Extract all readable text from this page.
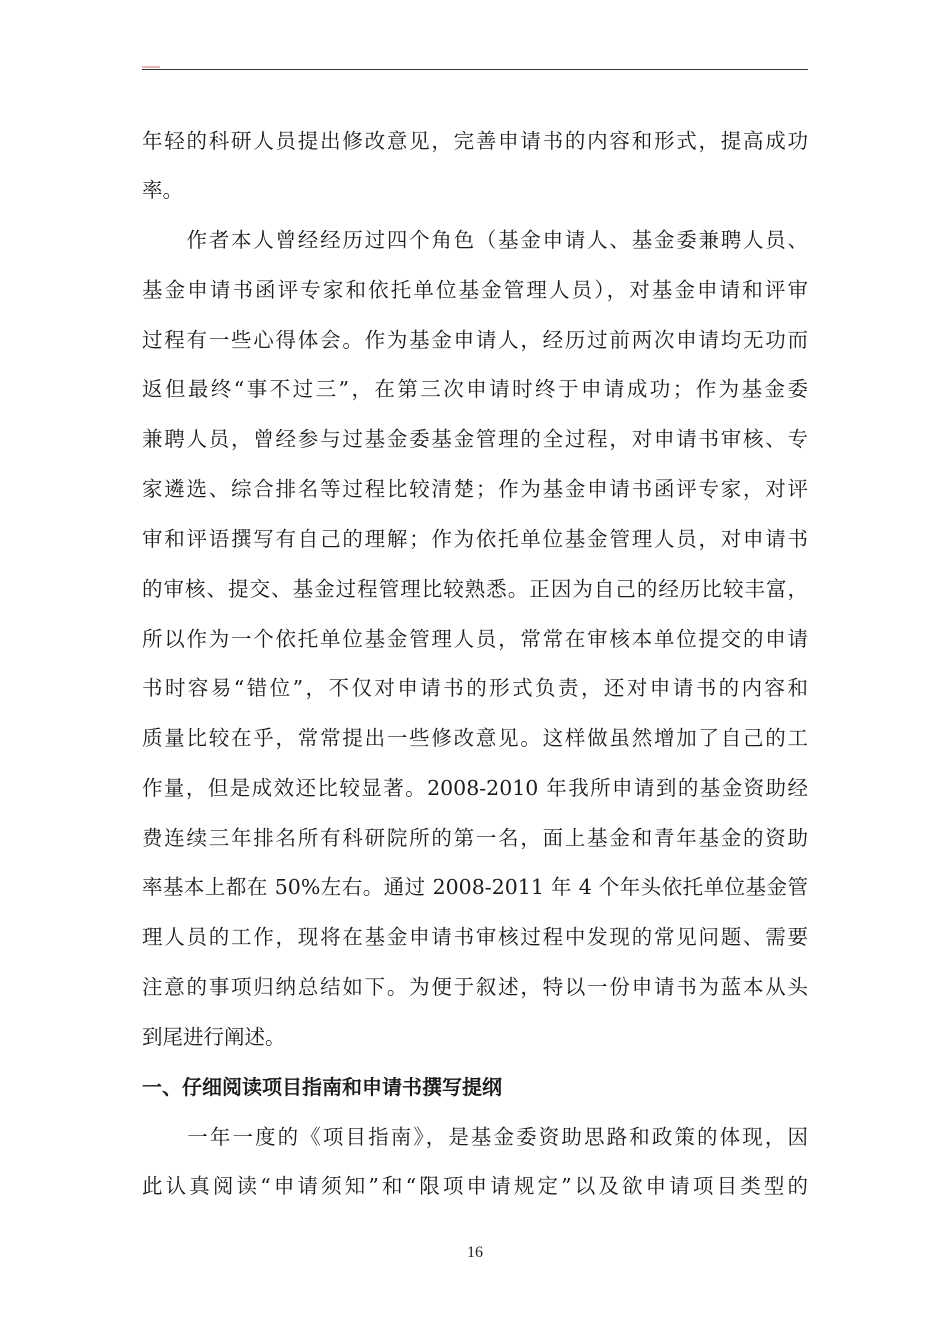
年轻的科研人员提出修改意见，完善申请书的内容和形式，提高成功
率。
　　作者本人曾经经历过四个角色（基金申请人、基金委兼聘人员、
基金申请书函评专家和依托单位基金管理人员），对基金申请和评审
过程有一些心得体会。作为基金申请人，经历过前两次申请均无功而
返但最终“事不过三”，在第三次申请时终于申请成功；作为基金委
兼聘人员，曾经参与过基金委基金管理的全过程，对申请书审核、专
家遴选、综合排名等过程比较清楚；作为基金申请书函评专家，对评
审和评语撰写有自己的理解；作为依托单位基金管理人员，对申请书
的审核、提交、基金过程管理比较熟悉。正因为自己的经历比较丰富，
所以作为一个依托单位基金管理人员，常常在审核本单位提交的申请
书时容易“错位”，不仅对申请书的形式负责，还对申请书的内容和
质量比较在乎，常常提出一些修改意见。这样做虽然增加了自己的工
作量，但是成效还比较显著。2008-2010 年我所申请到的基金资助经
费连续三年排名所有科研院所的第一名，面上基金和青年基金的资助
率基本上都在 50%左右。通过 2008-2011 年 4 个年头依托单位基金管
理人员的工作，现将在基金申请书审核过程中发现的常见问题、需要
注意的事项归纳总结如下。为便于叙述，特以一份申请书为蓝本从头
到尾进行阐述。
一、仔细阅读项目指南和申请书撰写提纲
　　一年一度的《项目指南》，是基金委资助思路和政策的体现，因
此认真阅读“申请须知”和“限项申请规定”以及欲申请项目类型的
16
